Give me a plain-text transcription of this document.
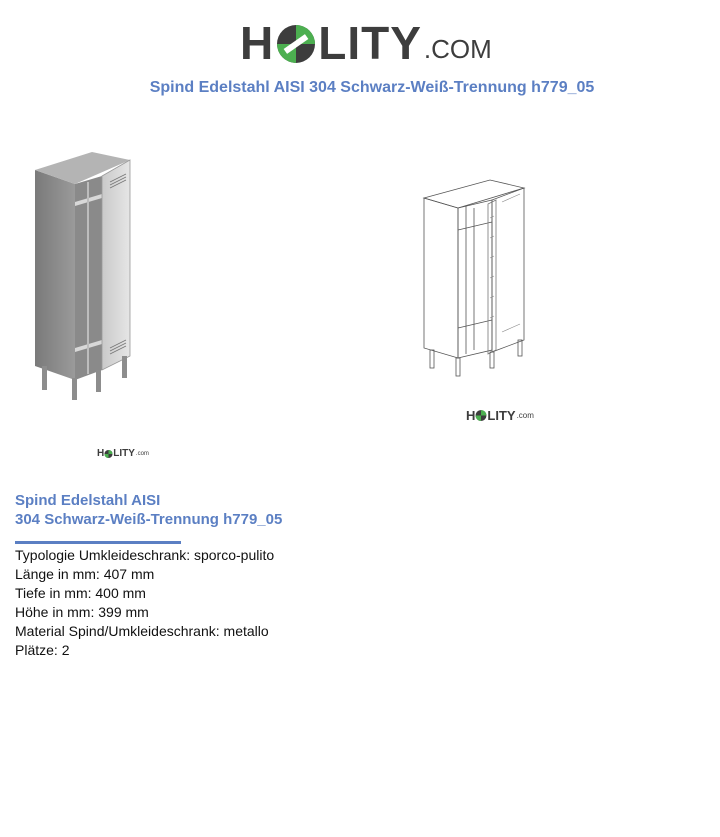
H LITY .COM
Spind Edelstahl AISI 304 Schwarz-Weiß-Trennung h779_05
H LITY .com
H LITY .com
Spind Edelstahl AISI
304 Schwarz-Weiß-Trennung h779_05
Typologie Umkleideschrank: sporco-pulito
Länge in mm: 407 mm
Tiefe in mm: 400 mm
Höhe in mm: 399 mm
Material Spind/Umkleideschrank: metallo
Plätze: 2
